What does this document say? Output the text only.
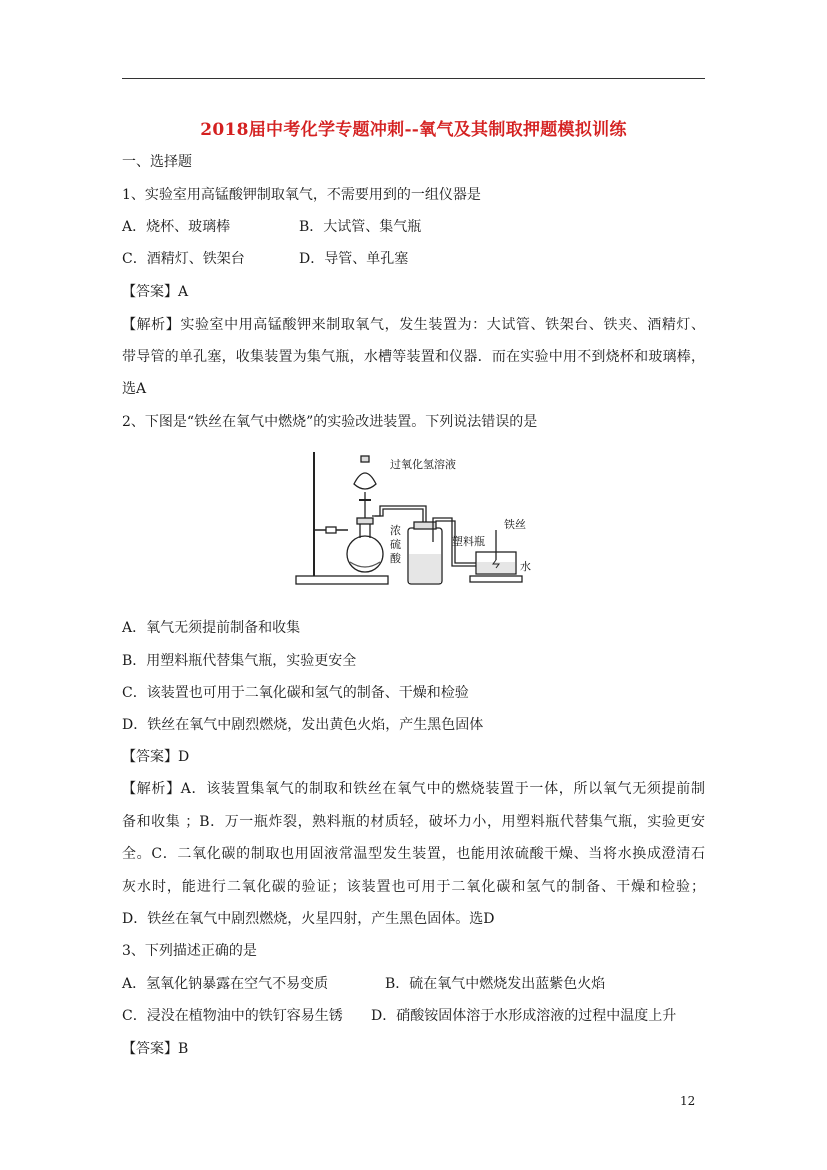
2018届中考化学专题冲刺--氧气及其制取押题模拟训练
一、选择题
1、实验室用高锰酸钾制取氧气，不需要用到的一组仪器是
A．烧杯、玻璃棒	B．大试管、集气瓶
C．酒精灯、铁架台	D．导管、单孔塞
【答案】A
【解析】实验室中用高锰酸钾来制取氧气，发生装置为：大试管、铁架台、铁夹、酒精灯、
带导管的单孔塞，收集装置为集气瓶，水槽等装置和仪器．而在实验中用不到烧杯和玻璃棒，
选A
2、下图是“铁丝在氧气中燃烧”的实验改进装置。下列说法错误的是
过氧化氢溶液
浓
硫
酸
塑料瓶
铁丝
水
A．氧气无须提前制备和收集
B．用塑料瓶代替集气瓶，实验更安全
C．该装置也可用于二氧化碳和氢气的制备、干燥和检验
D．铁丝在氧气中剧烈燃烧，发出黄色火焰，产生黑色固体
【答案】D
【解析】A．该装置集氧气的制取和铁丝在氧气中的燃烧装置于一体，所以氧气无须提前制
备和收集 ；B．万一瓶炸裂，熟料瓶的材质轻，破坏力小，用塑料瓶代替集气瓶，实验更安
全。C．二氧化碳的制取也用固液常温型发生装置，也能用浓硫酸干燥、当将水换成澄清石
灰水时，能进行二氧化碳的验证；该装置也可用于二氧化碳和氢气的制备、干燥和检验；
D．铁丝在氧气中剧烈燃烧，火星四射，产生黑色固体。选D
3、下列描述正确的是
A．氢氧化钠暴露在空气不易变质	B．硫在氧气中燃烧发出蓝紫色火焰
C．浸没在植物油中的铁钉容易生锈 D．硝酸铵固体溶于水形成溶液的过程中温度上升
【答案】B
12
